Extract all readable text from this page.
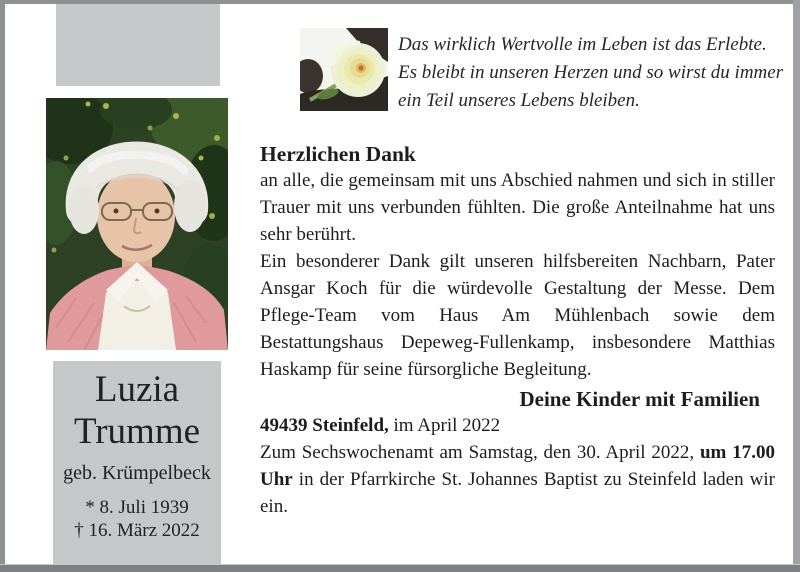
Das wirklich Wertvolle im Leben ist das Erlebte.
Es bleibt in unseren Herzen und so wirst du immer
ein Teil unseres Lebens bleiben.
Luzia
Trumme
geb. Krümpelbeck
* 8. Juli 1939
† 16. März 2022
Herzlichen Dank

an alle, die gemeinsam mit uns Abschied nahmen und sich in stiller Trauer mit uns verbunden fühlten. Die große Anteilnahme hat uns sehr berührt.

Ein besonderer Dank gilt unseren hilfsbereiten Nachbarn, Pater Ansgar Koch für die würdevolle Gestaltung der Messe. Dem Pflege-Team vom Haus Am Mühlenbach sowie dem Bestattungshaus Depeweg-Fullenkamp, insbesondere Matthias Haskamp für seine fürsorgliche Begleitung.

Deine Kinder mit Familien

49439 Steinfeld, im April 2022

Zum Sechswochenamt am Samstag, den 30. April 2022, um 17.00 Uhr in der Pfarrkirche St. Johannes Baptist zu Steinfeld laden wir ein.
